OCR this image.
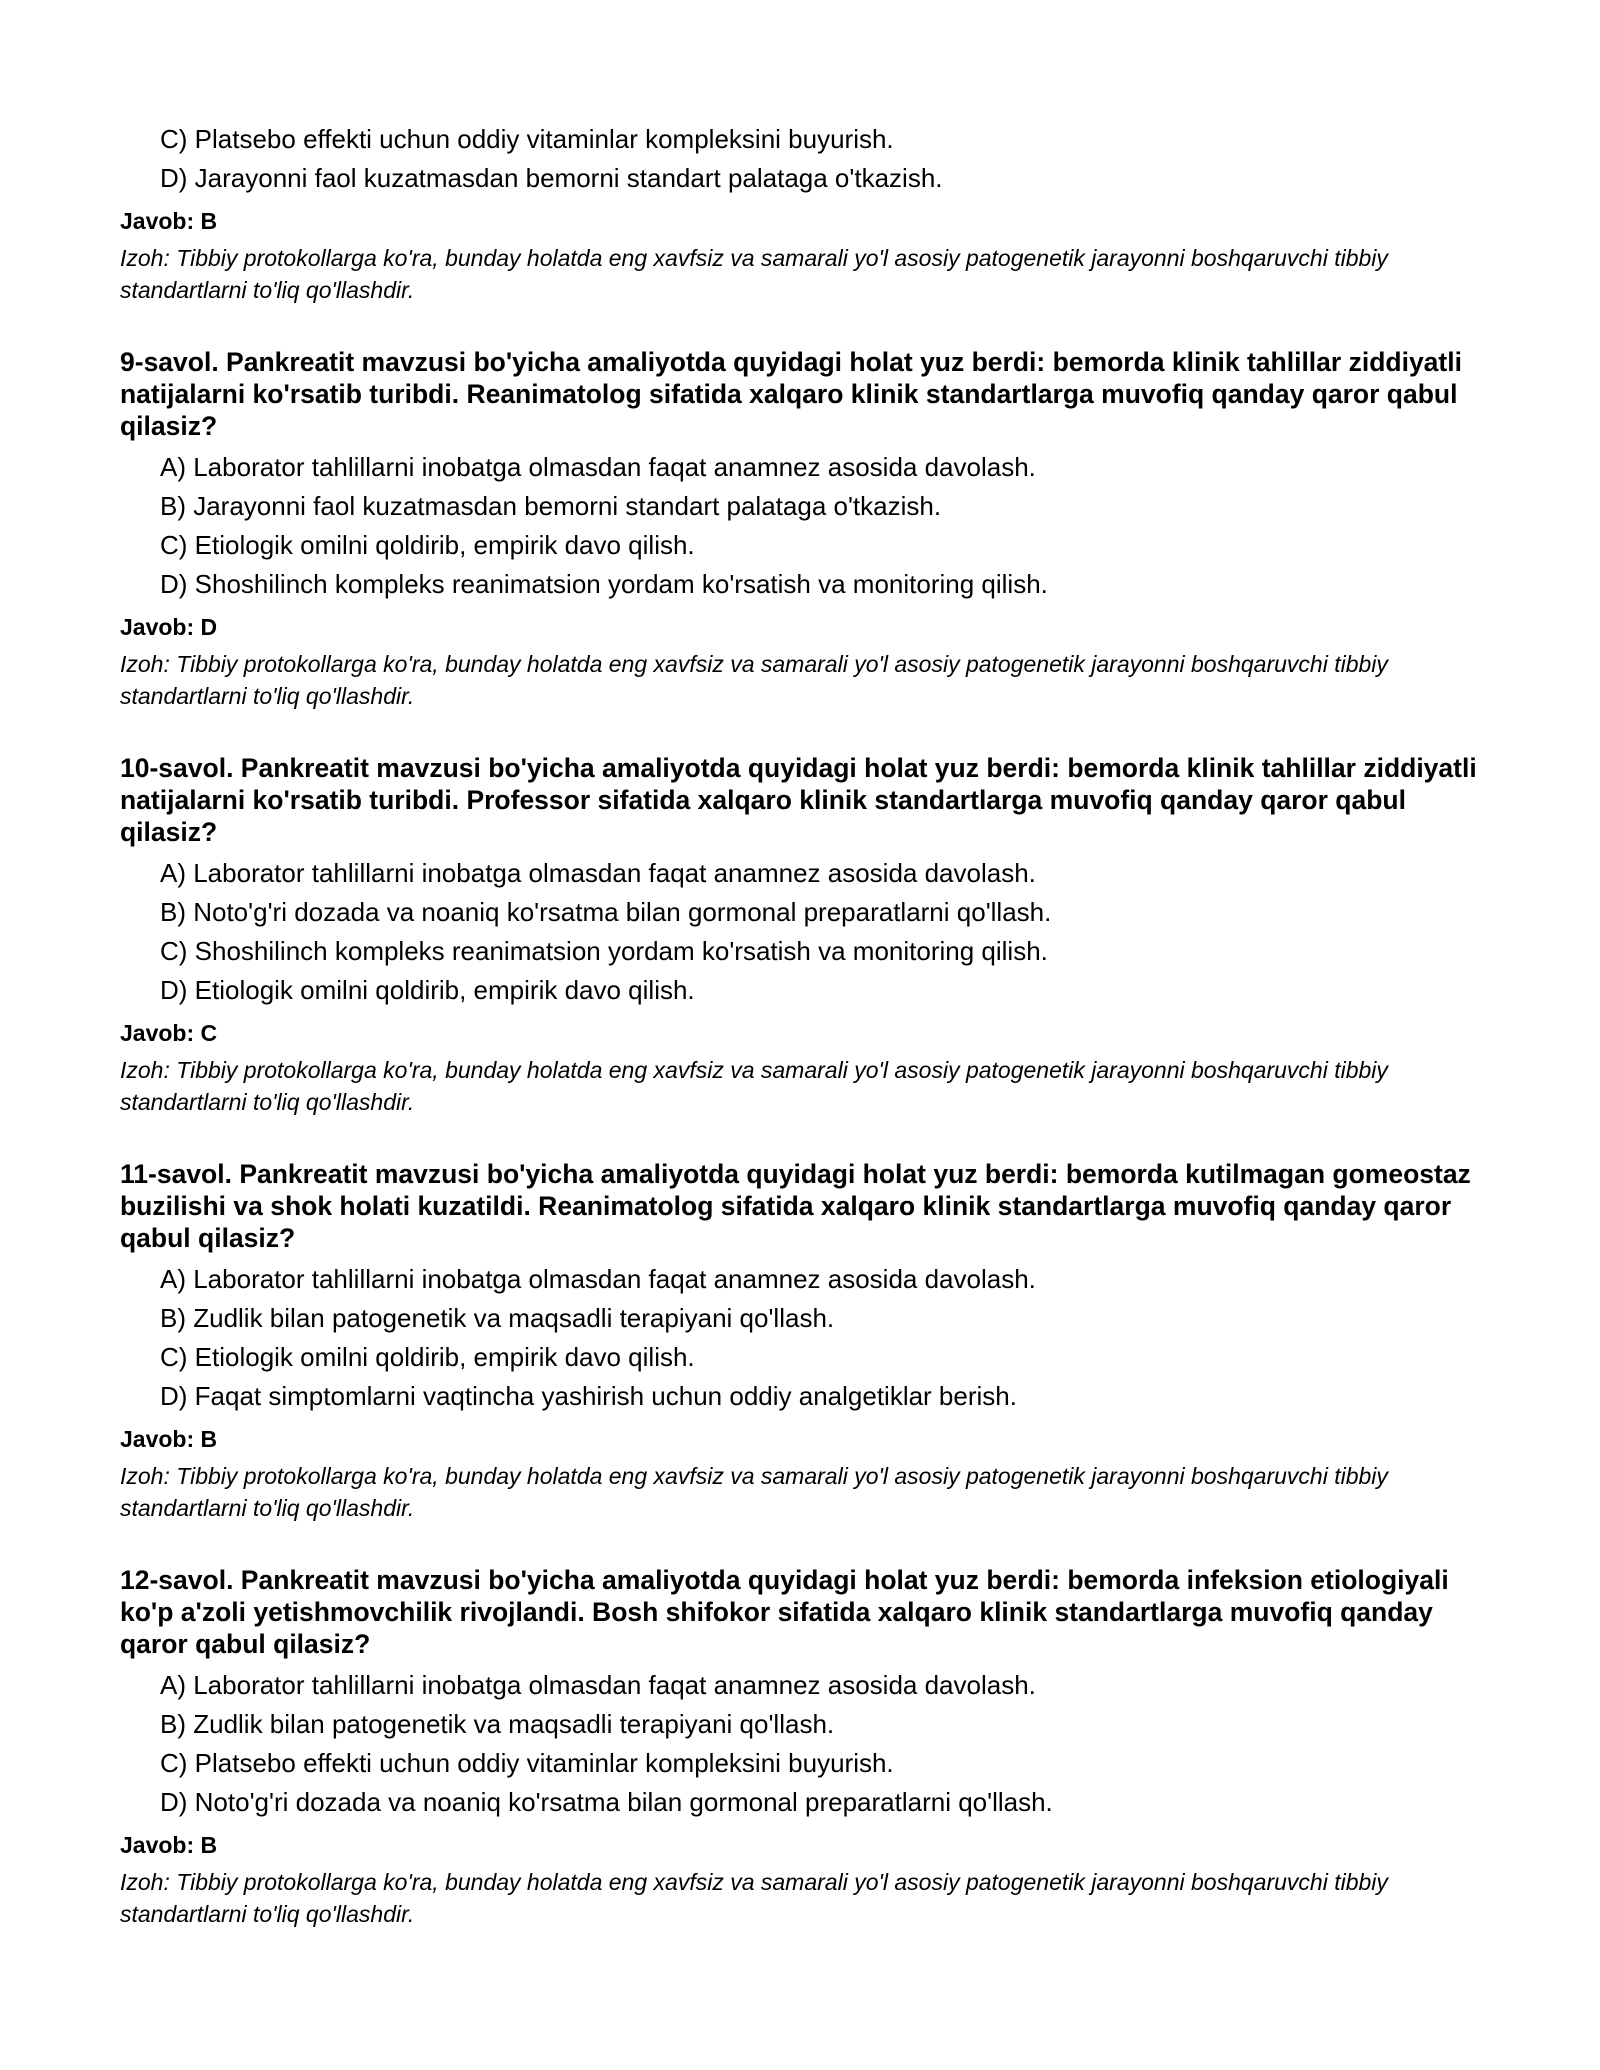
C) Platsebo effekti uchun oddiy vitaminlar kompleksini buyurish.
D) Jarayonni faol kuzatmasdan bemorni standart palataga o'tkazish.
Javob: B
Izoh: Tibbiy protokollarga ko'ra, bunday holatda eng xavfsiz va samarali yo'l asosiy patogenetik jarayonni boshqaruvchi tibbiy standartlarni to'liq qo'llashdir.
9-savol. Pankreatit mavzusi bo'yicha amaliyotda quyidagi holat yuz berdi: bemorda klinik tahlillar ziddiyatli natijalarni ko'rsatib turibdi. Reanimatolog sifatida xalqaro klinik standartlarga muvofiq qanday qaror qabul qilasiz?
A) Laborator tahlillarni inobatga olmasdan faqat anamnez asosida davolash.
B) Jarayonni faol kuzatmasdan bemorni standart palataga o'tkazish.
C) Etiologik omilni qoldirib, empirik davo qilish.
D) Shoshilinch kompleks reanimatsion yordam ko'rsatish va monitoring qilish.
Javob: D
Izoh: Tibbiy protokollarga ko'ra, bunday holatda eng xavfsiz va samarali yo'l asosiy patogenetik jarayonni boshqaruvchi tibbiy standartlarni to'liq qo'llashdir.
10-savol. Pankreatit mavzusi bo'yicha amaliyotda quyidagi holat yuz berdi: bemorda klinik tahlillar ziddiyatli natijalarni ko'rsatib turibdi. Professor sifatida xalqaro klinik standartlarga muvofiq qanday qaror qabul qilasiz?
A) Laborator tahlillarni inobatga olmasdan faqat anamnez asosida davolash.
B) Noto'g'ri dozada va noaniq ko'rsatma bilan gormonal preparatlarni qo'llash.
C) Shoshilinch kompleks reanimatsion yordam ko'rsatish va monitoring qilish.
D) Etiologik omilni qoldirib, empirik davo qilish.
Javob: C
Izoh: Tibbiy protokollarga ko'ra, bunday holatda eng xavfsiz va samarali yo'l asosiy patogenetik jarayonni boshqaruvchi tibbiy standartlarni to'liq qo'llashdir.
11-savol. Pankreatit mavzusi bo'yicha amaliyotda quyidagi holat yuz berdi: bemorda kutilmagan gomeostaz buzilishi va shok holati kuzatildi. Reanimatolog sifatida xalqaro klinik standartlarga muvofiq qanday qaror qabul qilasiz?
A) Laborator tahlillarni inobatga olmasdan faqat anamnez asosida davolash.
B) Zudlik bilan patogenetik va maqsadli terapiyani qo'llash.
C) Etiologik omilni qoldirib, empirik davo qilish.
D) Faqat simptomlarni vaqtincha yashirish uchun oddiy analgetiklar berish.
Javob: B
Izoh: Tibbiy protokollarga ko'ra, bunday holatda eng xavfsiz va samarali yo'l asosiy patogenetik jarayonni boshqaruvchi tibbiy standartlarni to'liq qo'llashdir.
12-savol. Pankreatit mavzusi bo'yicha amaliyotda quyidagi holat yuz berdi: bemorda infeksion etiologiyali ko'p a'zoli yetishmovchilik rivojlandi. Bosh shifokor sifatida xalqaro klinik standartlarga muvofiq qanday qaror qabul qilasiz?
A) Laborator tahlillarni inobatga olmasdan faqat anamnez asosida davolash.
B) Zudlik bilan patogenetik va maqsadli terapiyani qo'llash.
C) Platsebo effekti uchun oddiy vitaminlar kompleksini buyurish.
D) Noto'g'ri dozada va noaniq ko'rsatma bilan gormonal preparatlarni qo'llash.
Javob: B
Izoh: Tibbiy protokollarga ko'ra, bunday holatda eng xavfsiz va samarali yo'l asosiy patogenetik jarayonni boshqaruvchi tibbiy standartlarni to'liq qo'llashdir.
